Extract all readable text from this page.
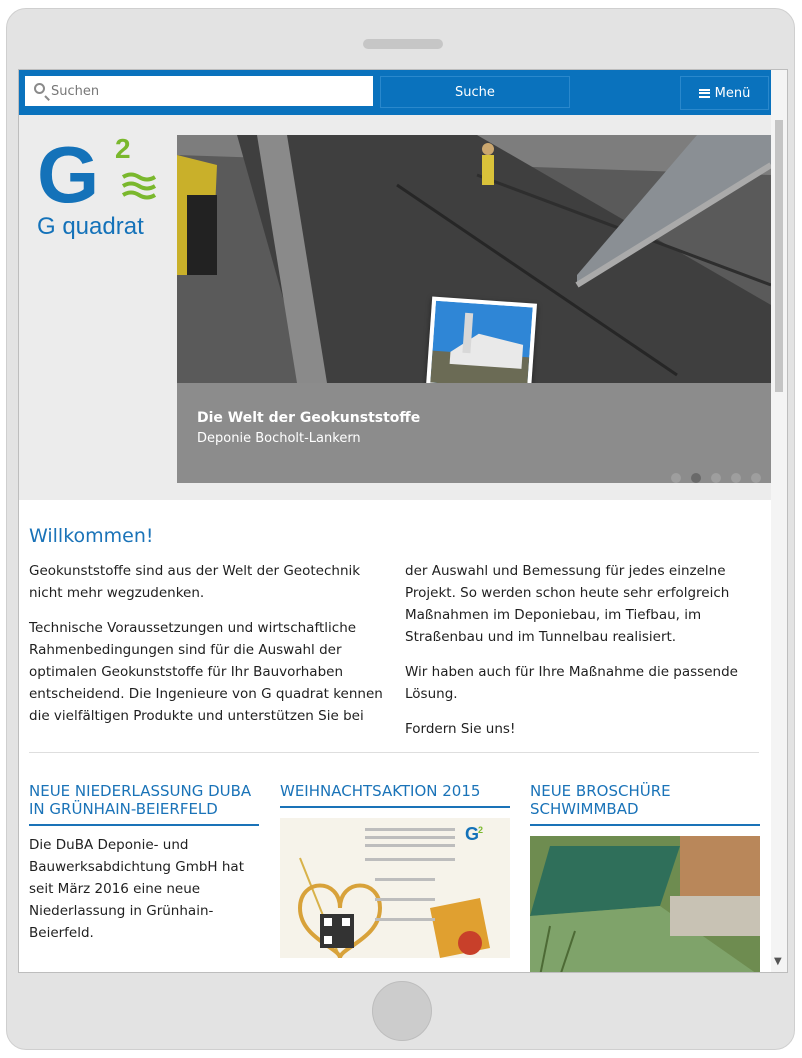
Suchen
Suche	Menü
G 2
G quadrat
Die Welt der Geokunststoffe
Deponie Bocholt-Lankern
Willkommen!

Geokunststoffe sind aus der Welt der Geotechnik nicht mehr wegzudenken.

Technische Voraussetzungen und wirtschaftliche Rahmenbedingungen sind für die Auswahl der optimalen Geokunststoffe für Ihr Bauvorhaben entscheidend. Die Ingenieure von G quadrat kennen die vielfältigen Produkte und unterstützen Sie bei

der Auswahl und Bemessung für jedes einzelne Projekt. So werden schon heute sehr erfolgreich Maßnahmen im Deponiebau, im Tiefbau, im Straßenbau und im Tunnelbau realisiert.

Wir haben auch für Ihre Maßnahme die passende Lösung.

Fordern Sie uns!

NEUE NIEDERLASSUNG DUBA IN GRÜNHAIN-BEIERFELD
Die DuBA Deponie- und Bauwerksabdichtung GmbH hat seit März 2016 eine neue Niederlassung in Grünhain-Beierfeld.
WEIHNACHTSAKTION 2015
G
2
NEUE BROSCHÜRE SCHWIMMBAD
▼
